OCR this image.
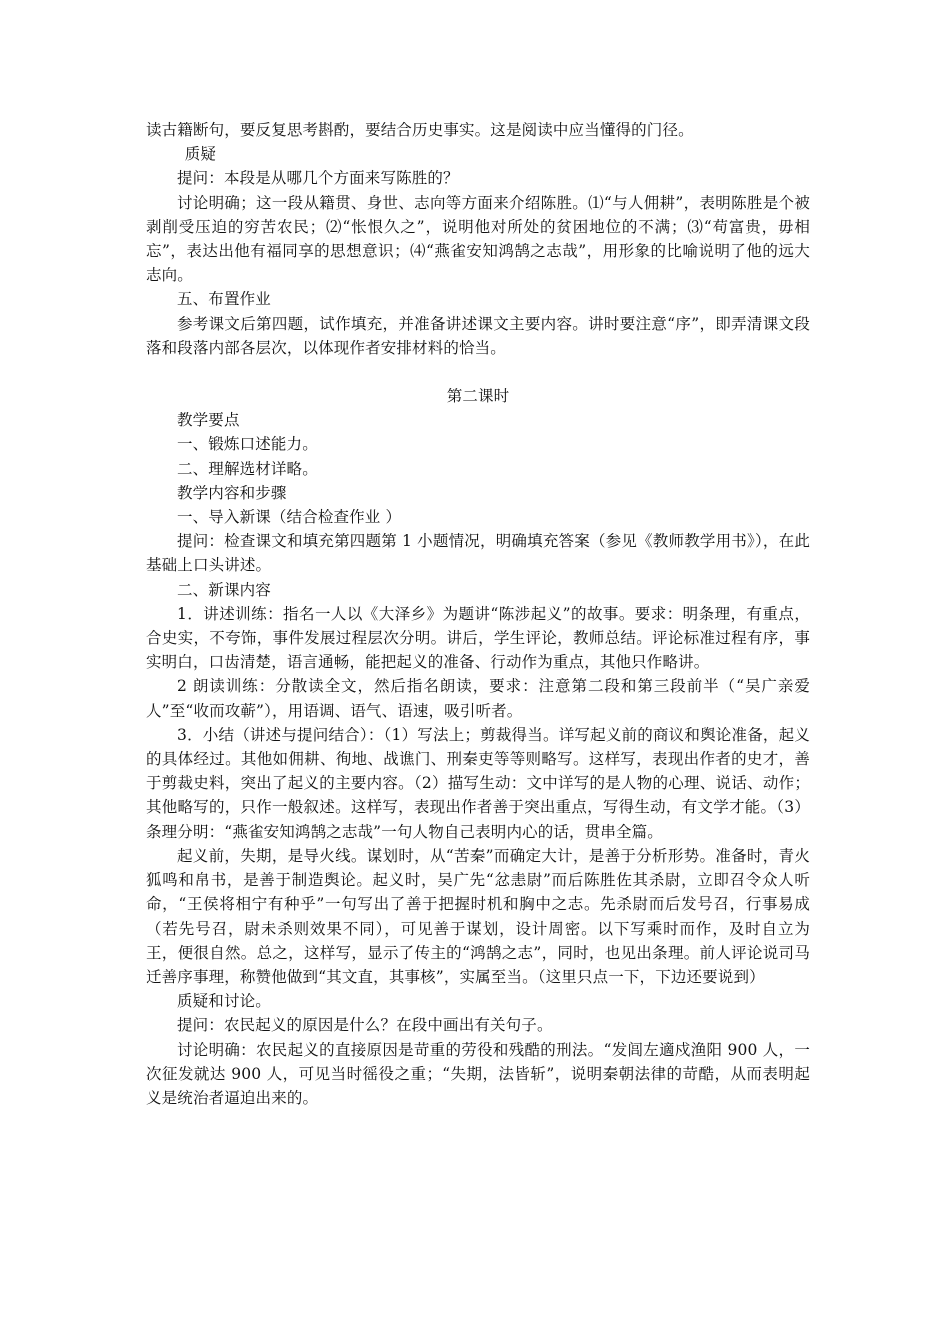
读古籍断句，要反复思考斟酌，要结合历史事实。这是阅读中应当懂得的门径。

质疑

提问：本段是从哪几个方面来写陈胜的？

讨论明确；这一段从籍贯、身世、志向等方面来介绍陈胜。⑴“与人佣耕”，表明陈胜是个被剥削受压迫的穷苦农民；⑵“怅恨久之”，说明他对所处的贫困地位的不满；⑶“苟富贵，毋相忘”，表达出他有福同享的思想意识；⑷“燕雀安知鸿鹄之志哉”，用形象的比喻说明了他的远大志向。

五、布置作业

参考课文后第四题，试作填充，并准备讲述课文主要内容。讲时要注意“序”，即弄清课文段落和段落内部各层次，以体现作者安排材料的恰当。

第二课时

教学要点

一、锻炼口述能力。

二、理解选材详略。

教学内容和步骤

一、导入新课（结合检查作业 ）

提问：检查课文和填充第四题第 1 小题情况，明确填充答案（参见《教师教学用书》），在此基础上口头讲述。

二、新课内容

1．讲述训练：指名一人以《大泽乡》为题讲“陈涉起义”的故事。要求：明条理，有重点，合史实，不夸饰，事件发展过程层次分明。讲后，学生评论，教师总结。评论标准过程有序，事实明白，口齿清楚，语言通畅，能把起义的准备、行动作为重点，其他只作略讲。

2 朗读训练：分散读全文，然后指名朗读，要求：注意第二段和第三段前半（“吴广亲爱人”至“收而攻蕲”），用语调、语气、语速，吸引听者。

3．小结（讲述与提问结合）：（1）写法上；剪裁得当。详写起义前的商议和舆论准备，起义的具体经过。其他如佣耕、徇地、战谯门、刑秦吏等等则略写。这样写，表现出作者的史才，善于剪裁史料，突出了起义的主要内容。（2）描写生动：文中详写的是人物的心理、说话、动作；其他略写的，只作一般叙述。这样写，表现出作者善于突出重点，写得生动，有文学才能。（3）条理分明：“燕雀安知鸿鹄之志哉”一句人物自己表明内心的话，贯串全篇。

起义前，失期，是导火线。谋划时，从“苦秦”而确定大计，是善于分析形势。准备时，青火狐鸣和帛书，是善于制造舆论。起义时，吴广先“忿恚尉”而后陈胜佐其杀尉，立即召令众人听命，“王侯将相宁有种乎”一句写出了善于把握时机和胸中之志。先杀尉而后发号召，行事易成（若先号召，尉未杀则效果不同），可见善于谋划，设计周密。以下写乘时而作，及时自立为王，便很自然。总之，这样写，显示了传主的“鸿鹄之志”，同时，也见出条理。前人评论说司马迁善序事理，称赞他做到“其文直，其事核”，实属至当。（这里只点一下，下边还要说到）

质疑和讨论。

提问：农民起义的原因是什么？在段中画出有关句子。

讨论明确：农民起义的直接原因是苛重的劳役和残酷的刑法。“发闾左適戍渔阳 900 人，一次征发就达 900 人，可见当时徭役之重；“失期，法皆斩”，说明秦朝法律的苛酷，从而表明起义是统治者逼迫出来的。
